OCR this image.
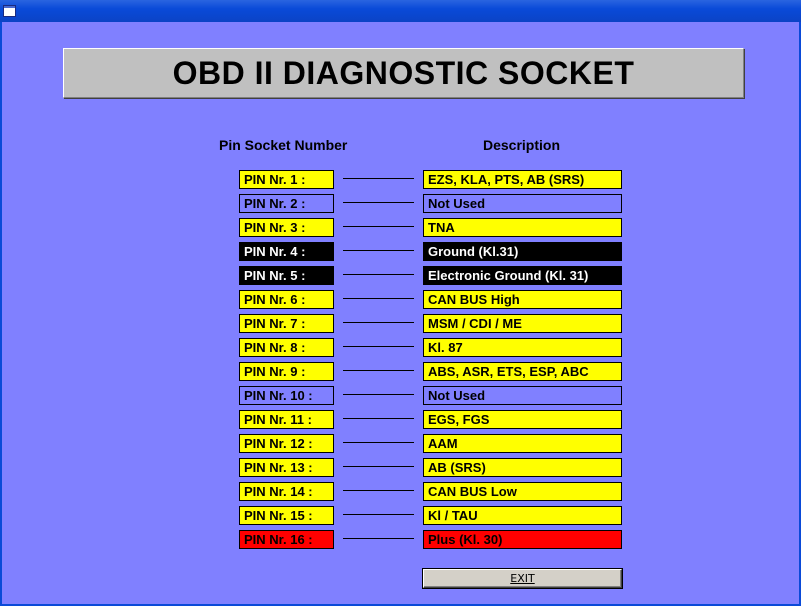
OBD II DIAGNOSTIC SOCKET
Pin Socket Number	Description
PIN Nr. 1 :	EZS, KLA, PTS, AB (SRS)
PIN Nr. 2 :	Not Used
PIN Nr. 3 :	TNA
PIN Nr. 4 :	Ground (Kl.31)
PIN Nr. 5 :	Electronic Ground (Kl. 31)
PIN Nr. 6 :	CAN BUS High
PIN Nr. 7 :	MSM / CDI / ME
PIN Nr. 8 :	Kl. 87
PIN Nr. 9 :	ABS, ASR, ETS, ESP, ABC
PIN Nr. 10 :	Not Used
PIN Nr. 11 :	EGS, FGS
PIN Nr. 12 :	AAM
PIN Nr. 13 :	AB (SRS)
PIN Nr. 14 :	CAN BUS Low
PIN Nr. 15 :	Kl / TAU
PIN Nr. 16 :	Plus (Kl. 30)
EXIT
